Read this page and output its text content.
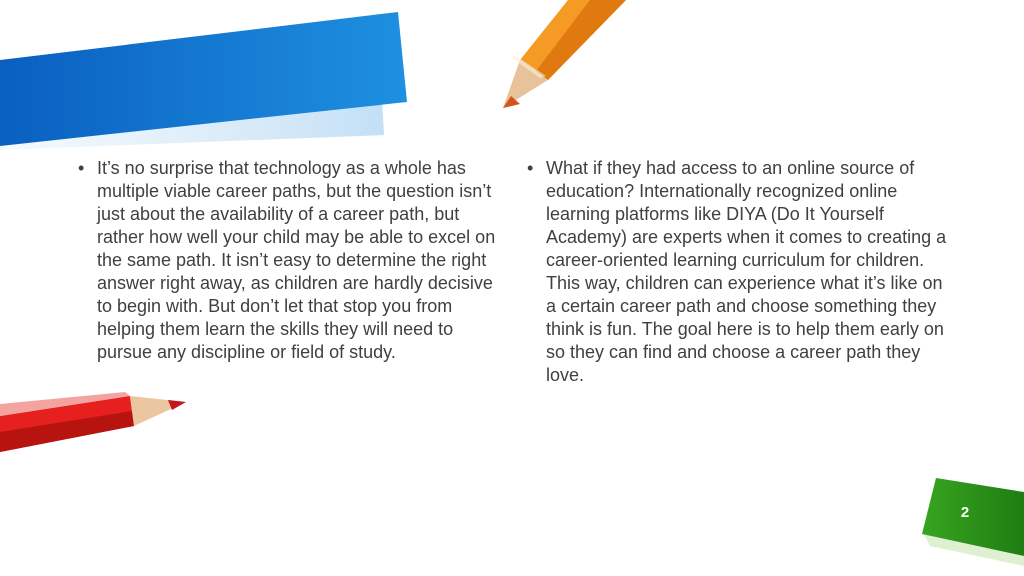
• It’s no surprise that technology as a whole has multiple viable career paths, but the question isn’t just about the availability of a career path, but rather how well your child may be able to excel on the same path. It isn’t easy to determine the right answer right away, as children are hardly decisive to begin with. But don’t let that stop you from helping them learn the skills they will need to pursue any discipline or field of study.
• What if they had access to an online source of education? Internationally recognized online learning platforms like DIYA (Do It Yourself Academy) are experts when it comes to creating a career-oriented learning curriculum for children. This way, children can experience what it’s like on a certain career path and choose something they think is fun. The goal here is to help them early on so they can find and choose a career path they love.
2
